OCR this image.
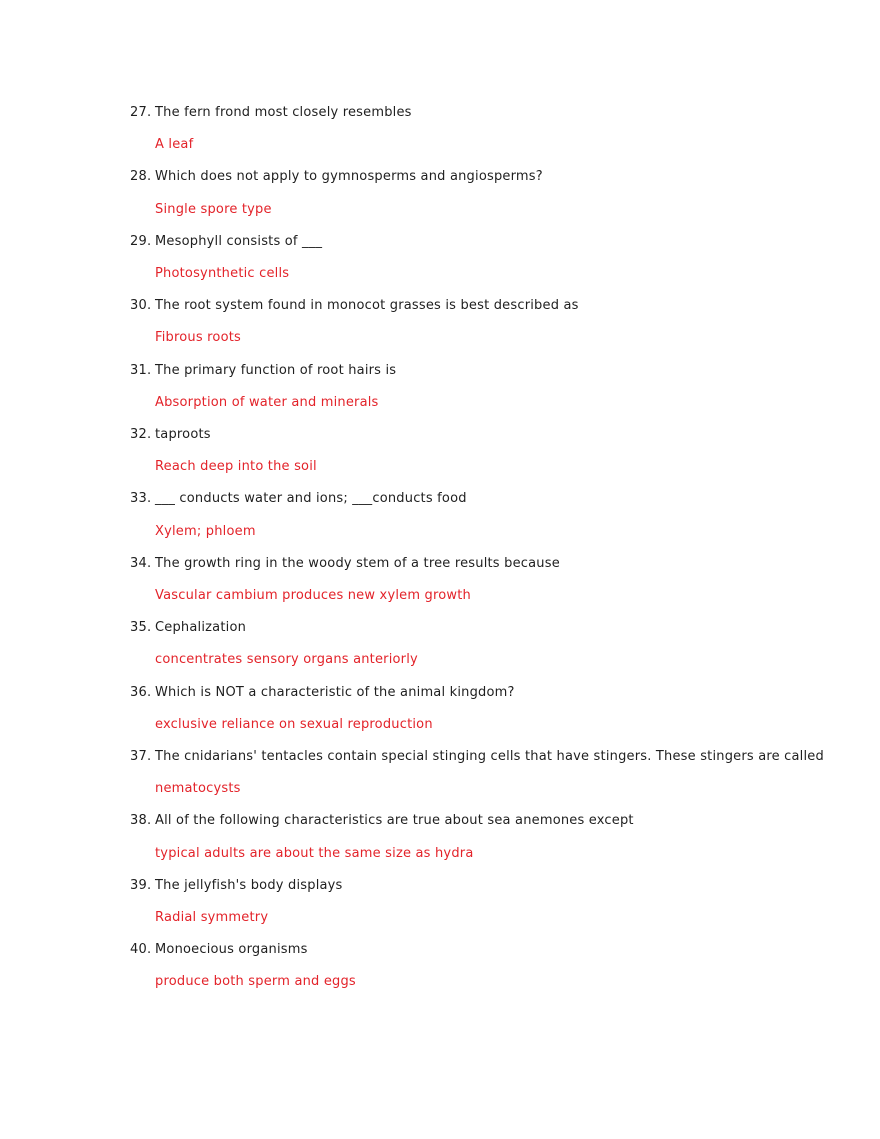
27. The fern frond most closely resembles
A leaf
28. Which does not apply to gymnosperms and angiosperms?
Single spore type
29. Mesophyll consists of ___
Photosynthetic cells
30. The root system found in monocot grasses is best described as
Fibrous roots
31. The primary function of root hairs is
Absorption of water and minerals
32. taproots
Reach deep into the soil
33. ___ conducts water and ions; ___conducts food
Xylem; phloem
34. The growth ring in the woody stem of a tree results because
Vascular cambium produces new xylem growth
35. Cephalization
concentrates sensory organs anteriorly
36. Which is NOT a characteristic of the animal kingdom?
exclusive reliance on sexual reproduction
37. The cnidarians' tentacles contain special stinging cells that have stingers. These stingers are called
nematocysts
38. All of the following characteristics are true about sea anemones except
typical adults are about the same size as hydra
39. The jellyfish's body displays
Radial symmetry
40. Monoecious organisms
produce both sperm and eggs
